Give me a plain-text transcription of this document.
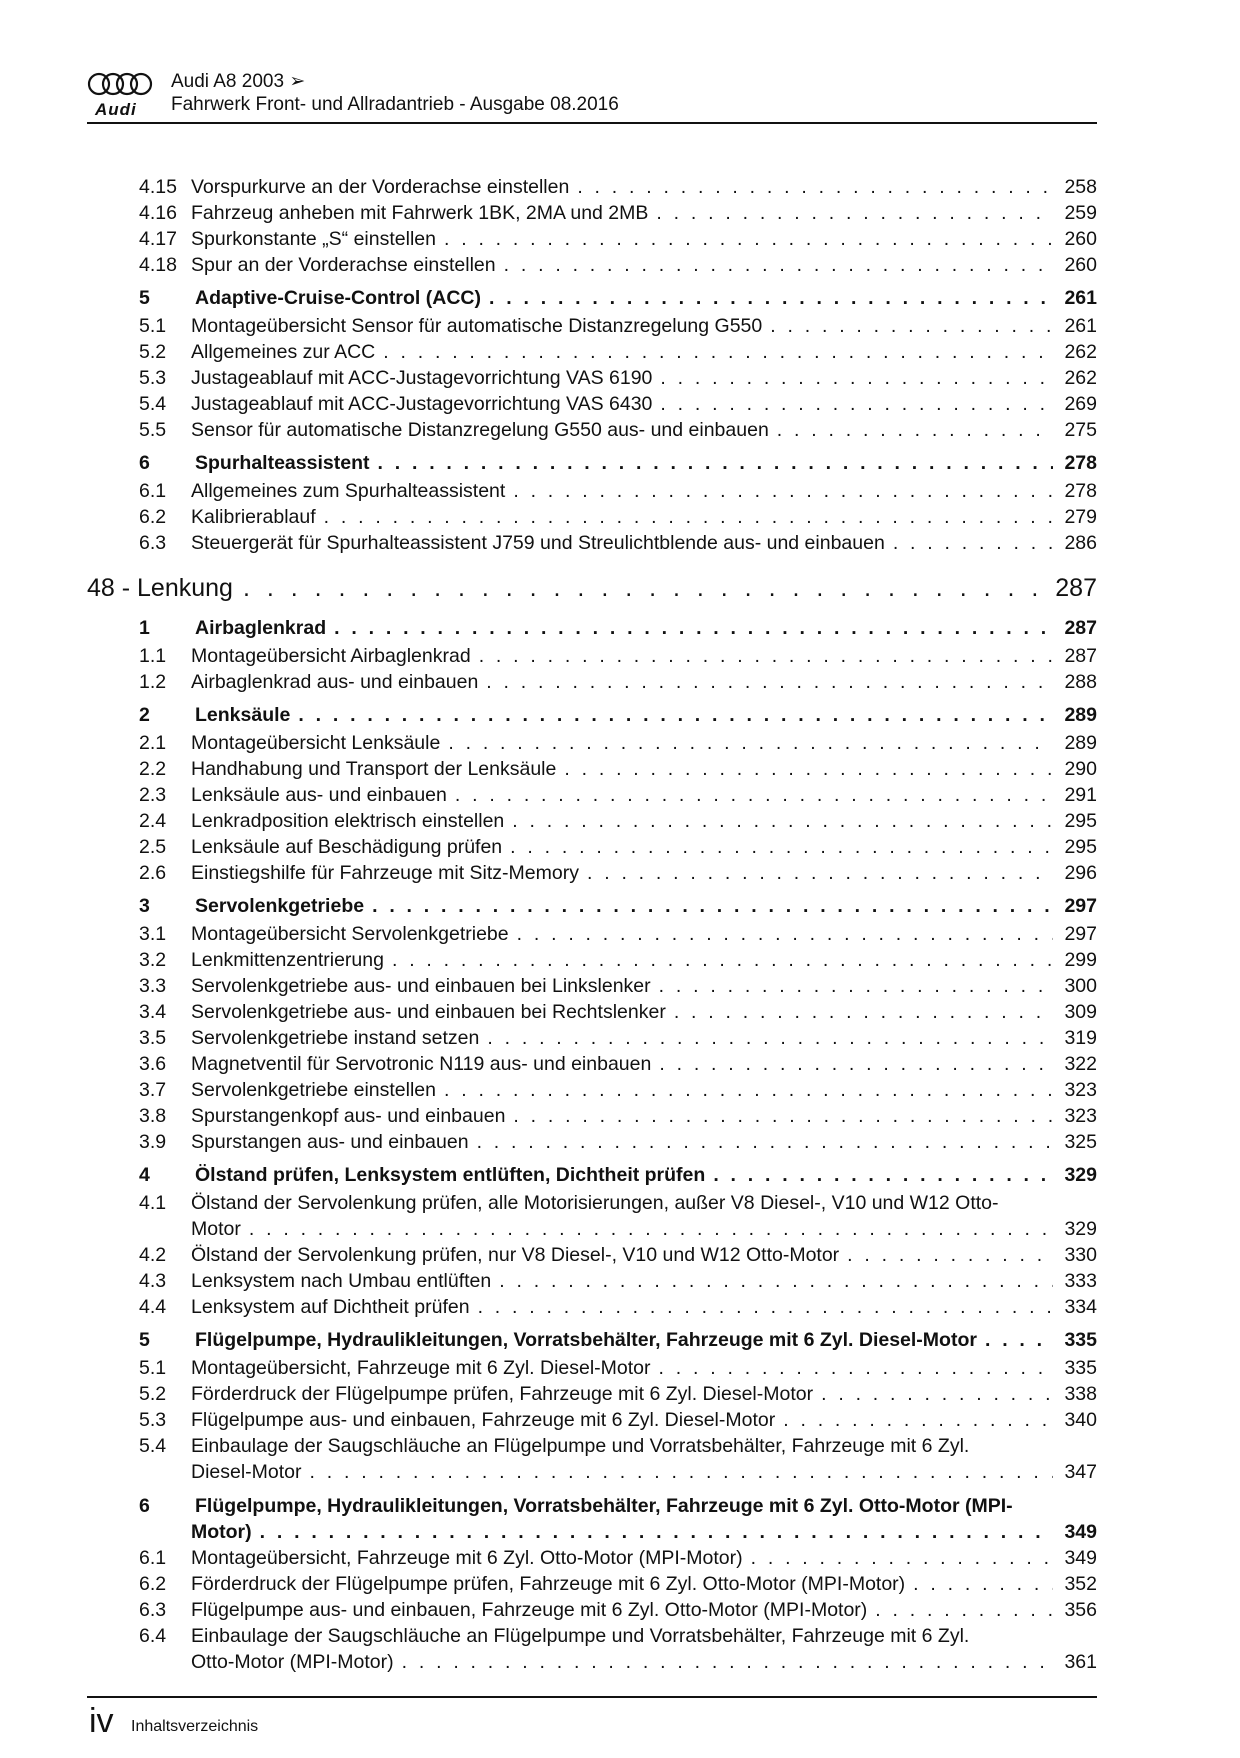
Audi
Audi A8 2003 ➢
Fahrwerk Front- und Allradantrieb - Ausgabe 08.2016
4.15 Vorspurkurve an der Vorderachse einstellen . . .	258
4.16 Fahrzeug anheben mit Fahrwerk 1BK, 2MA und 2MB . . .	259
4.17 Spurkonstante „S“ einstellen . . .	260
4.18 Spur an der Vorderachse einstellen . . .	260
5	Adaptive-Cruise-Control (ACC) . . .	261
5.1	Montageübersicht Sensor für automatische Distanzregelung G550 . . .	261
5.2	Allgemeines zur ACC . . .	262
5.3	Justageablauf mit ACC-Justagevorrichtung VAS 6190 . . .	262
5.4	Justageablauf mit ACC-Justagevorrichtung VAS 6430 . . .	269
5.5	Sensor für automatische Distanzregelung G550 aus- und einbauen . . .	275
6	Spurhalteassistent . . .	278
6.1	Allgemeines zum Spurhalteassistent . . .	278
6.2	Kalibrierablauf . . .	279
6.3	Steuergerät für Spurhalteassistent J759 und Streulichtblende aus- und einbauen . . .	286
48 - Lenkung . . .	287
1	Airbaglenkrad . . .	287
1.1	Montageübersicht Airbaglenkrad . . .	287
1.2	Airbaglenkrad aus- und einbauen . . .	288
2	Lenksäule . . .	289
2.1	Montageübersicht Lenksäule . . .	289
2.2	Handhabung und Transport der Lenksäule . . .	290
2.3	Lenksäule aus- und einbauen . . .	291
2.4	Lenkradposition elektrisch einstellen . . .	295
2.5	Lenksäule auf Beschädigung prüfen . . .	295
2.6	Einstiegshilfe für Fahrzeuge mit Sitz-Memory . . .	296
3	Servolenkgetriebe . . .	297
3.1	Montageübersicht Servolenkgetriebe . . .	297
3.2	Lenkmittenzentrierung . . .	299
3.3	Servolenkgetriebe aus- und einbauen bei Linkslenker . . .	300
3.4	Servolenkgetriebe aus- und einbauen bei Rechtslenker . . .	309
3.5	Servolenkgetriebe instand setzen . . .	319
3.6	Magnetventil für Servotronic N119 aus- und einbauen . . .	322
3.7	Servolenkgetriebe einstellen . . .	323
3.8	Spurstangenkopf aus- und einbauen . . .	323
3.9	Spurstangen aus- und einbauen . . .	325
4	Ölstand prüfen, Lenksystem entlüften, Dichtheit prüfen . . .	329
4.1	Ölstand der Servolenkung prüfen, alle Motorisierungen, außer V8 Diesel-, V10 und W12 Otto-
Motor . . .	329
4.2	Ölstand der Servolenkung prüfen, nur V8 Diesel-, V10 und W12 Otto-Motor . . .	330
4.3	Lenksystem nach Umbau entlüften . . .	333
4.4	Lenksystem auf Dichtheit prüfen . . .	334
5	Flügelpumpe, Hydraulikleitungen, Vorratsbehälter, Fahrzeuge mit 6 Zyl. Diesel-Motor . . .	335
5.1	Montageübersicht, Fahrzeuge mit 6 Zyl. Diesel-Motor . . .	335
5.2	Förderdruck der Flügelpumpe prüfen, Fahrzeuge mit 6 Zyl. Diesel-Motor . . .	338
5.3	Flügelpumpe aus- und einbauen, Fahrzeuge mit 6 Zyl. Diesel-Motor . . .	340
5.4	Einbaulage der Saugschläuche an Flügelpumpe und Vorratsbehälter, Fahrzeuge mit 6 Zyl.
Diesel-Motor . . .	347
6	Flügelpumpe, Hydraulikleitungen, Vorratsbehälter, Fahrzeuge mit 6 Zyl. Otto-Motor (MPI-
Motor) . . .	349
6.1	Montageübersicht, Fahrzeuge mit 6 Zyl. Otto-Motor (MPI-Motor) . . .	349
6.2	Förderdruck der Flügelpumpe prüfen, Fahrzeuge mit 6 Zyl. Otto-Motor (MPI-Motor) . . .	352
6.3	Flügelpumpe aus- und einbauen, Fahrzeuge mit 6 Zyl. Otto-Motor (MPI-Motor) . . .	356
6.4	Einbaulage der Saugschläuche an Flügelpumpe und Vorratsbehälter, Fahrzeuge mit 6 Zyl.
Otto-Motor (MPI-Motor) . . .	361
iv Inhaltsverzeichnis
